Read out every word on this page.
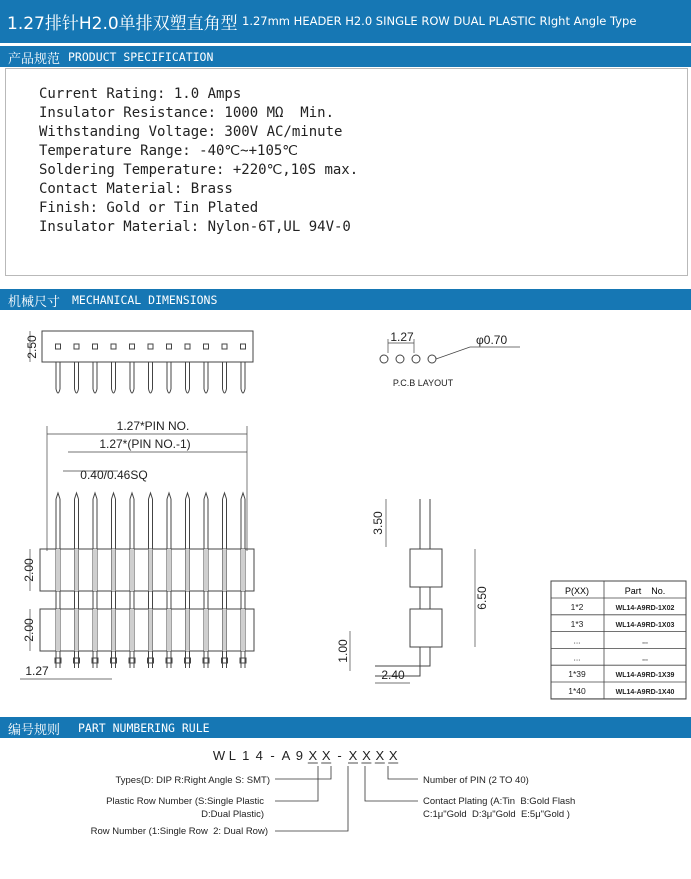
1.27排针H2.0单排双塑直角型 1.27mm HEADER H2.0 SINGLE ROW DUAL PLASTIC RIght Angle Type
产品规范 PRODUCT SPECIFICATION
Current Rating: 1.0 Amps
Insulator Resistance: 1000 MΩ  Min.
Withstanding Voltage: 300V AC/minute
Temperature Range: -40℃~+105℃
Soldering Temperature: +220℃,10S max.
Contact Material: Brass
Finish: Gold or Tin Plated
Insulator Material: Nylon-6T,UL 94V-0
机械尺寸 MECHANICAL DIMENSIONS
2.50	1.27	φ0.70
P.C.B LAYOUT
1.27*PIN NO.
1.27*(PIN NO.-1)
0.40/0.46SQ
2.00
2.00
1.27
3.50
6.50
1.00
2.40
P(XX)	Part    No.
1*2	WL14-A9RD-1X02
1*3	WL14-A9RD-1X03
...	...
...	...
1*39	WL14-A9RD-1X39
1*40	WL14-A9RD-1X40
编号规则 PART NUMBERING RULE
W L 1 4 - A 9 X X - X X X X
Types(D: DIP R:Right Angle S: SMT)
Plastic Row Number (S:Single Plastic
D:Dual Plastic)
Row Number (1:Single Row  2: Dual Row)
Number of PIN (2 TO 40)
Contact Plating (A:Tin  B:Gold Flash
C:1μ"Gold  D:3μ"Gold  E:5μ"Gold )
